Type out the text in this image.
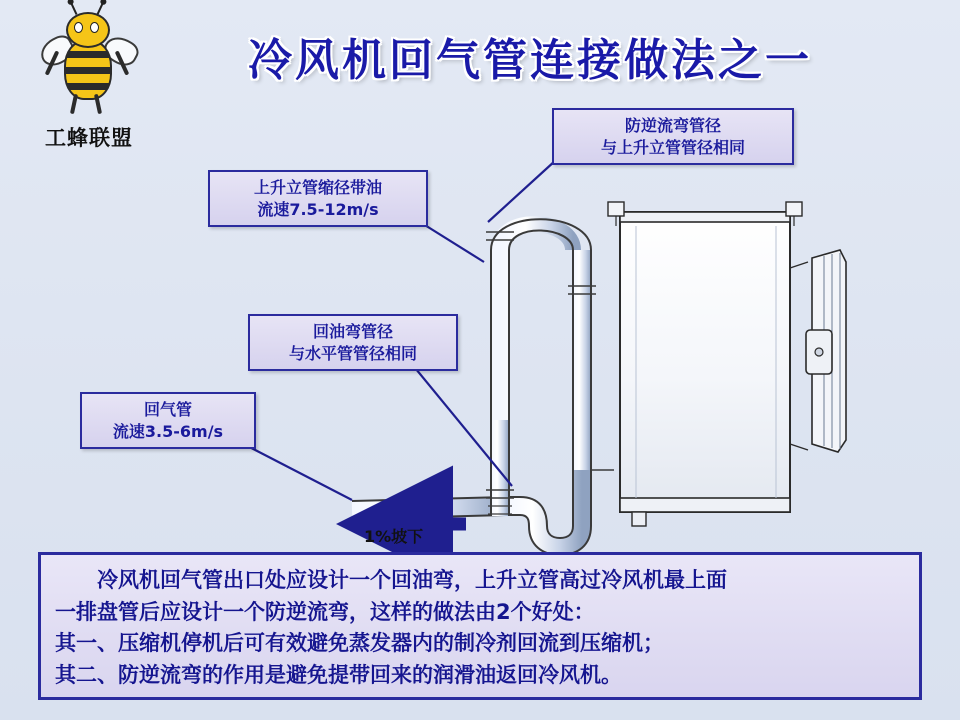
工蜂联盟
冷风机回气管连接做法之一
1%坡下
防逆流弯管径
与上升立管管径相同
上升立管缩径带油
流速7.5-12m/s
回油弯管径
与水平管管径相同
回气管
流速3.5-6m/s

冷风机回气管出口处应设计一个回油弯，上升立管高过冷风机最上面

一排盘管后应设计一个防逆流弯，这样的做法由2个好处：

其一、压缩机停机后可有效避免蒸发器内的制冷剂回流到压缩机；

其二、防逆流弯的作用是避免提带回来的润滑油返回冷风机。
